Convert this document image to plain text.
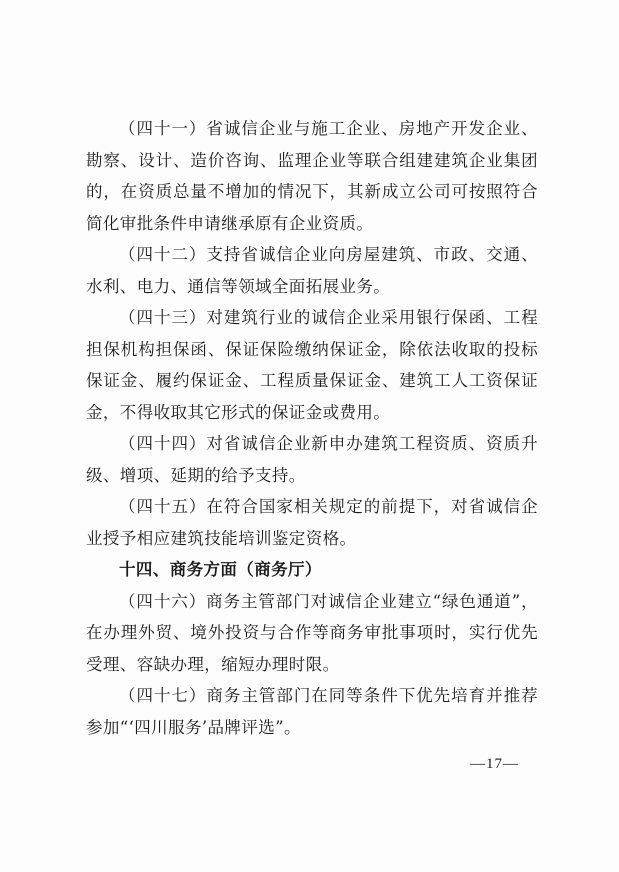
（四十一）省诚信企业与施工企业、房地产开发企业、勘察、设计、造价咨询、监理企业等联合组建建筑企业集团的，在资质总量不增加的情况下，其新成立公司可按照符合简化审批条件申请继承原有企业资质。

（四十二）支持省诚信企业向房屋建筑、市政、交通、水利、电力、通信等领域全面拓展业务。

（四十三）对建筑行业的诚信企业采用银行保函、工程担保机构担保函、保证保险缴纳保证金，除依法收取的投标保证金、履约保证金、工程质量保证金、建筑工人工资保证金，不得收取其它形式的保证金或费用。

（四十四）对省诚信企业新申办建筑工程资质、资质升级、增项、延期的给予支持。

（四十五）在符合国家相关规定的前提下，对省诚信企业授予相应建筑技能培训鉴定资格。

十四、商务方面（商务厅）

（四十六）商务主管部门对诚信企业建立“绿色通道”，在办理外贸、境外投资与合作等商务审批事项时，实行优先受理、容缺办理，缩短办理时限。

（四十七）商务主管部门在同等条件下优先培育并推荐参加“‘四川服务’品牌评选”。

—17—
